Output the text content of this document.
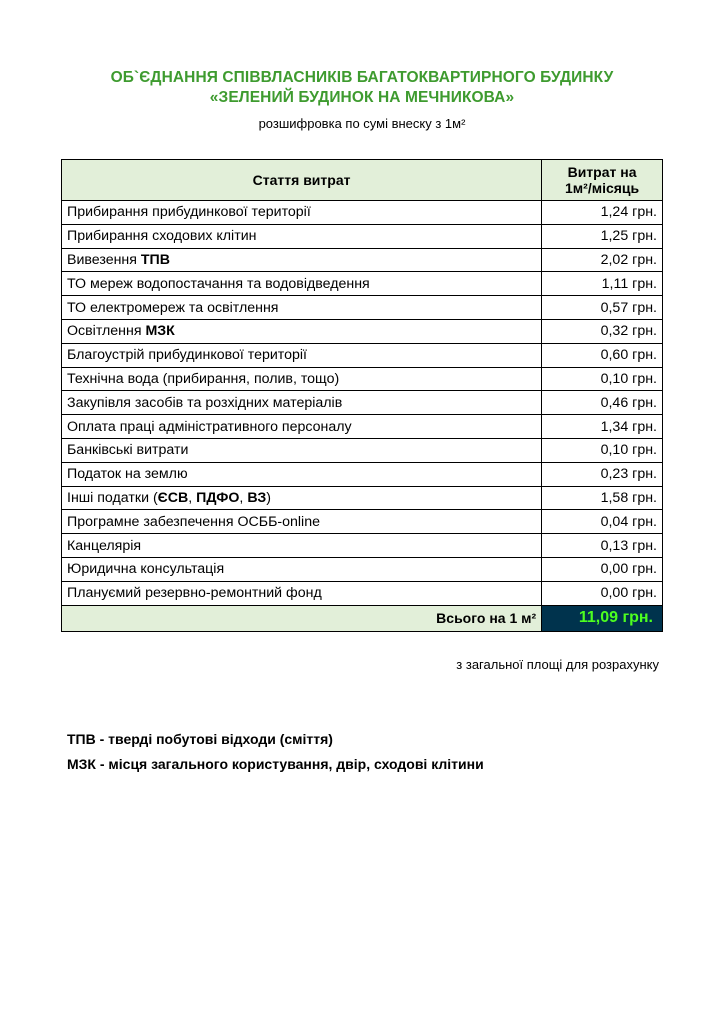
ОБ`ЄДНАННЯ СПІВВЛАСНИКІВ БАГАТОКВАРТИРНОГО БУДИНКУ
«ЗЕЛЕНИЙ БУДИНОК НА МЕЧНИКОВА»
розшифровка по сумі внеску з 1м²
Стаття витрат	Витрат на
1м²/місяць

Прибирання прибудинкової території	1,24 грн.
Прибирання сходових клітин	1,25 грн.
Вивезення ТПВ	2,02 грн.
ТО мереж водопостачання та водовідведення	1,11 грн.
ТО електромереж та освітлення	0,57 грн.
Освітлення МЗК	0,32 грн.
Благоустрій прибудинкової території	0,60 грн.
Технічна вода (прибирання, полив, тощо)	0,10 грн.
Закупівля засобів та розхідних матеріалів	0,46 грн.
Оплата праці адміністративного персоналу	1,34 грн.
Банківські витрати	0,10 грн.
Податок на землю	0,23 грн.
Інші податки (ЄСВ, ПДФО, ВЗ)	1,58 грн.
Програмне забезпечення ОСББ-online	0,04 грн.
Канцелярія	0,13 грн.
Юридична консультація	0,00 грн.
Плануємий резервно-ремонтний фонд	0,00 грн.
Всього на 1 м²	11,09 грн.
з загальної площі для розрахунку
ТПВ - тверді побутові відходи (сміття)
МЗК - місця загального користування, двір, сходові клітини
